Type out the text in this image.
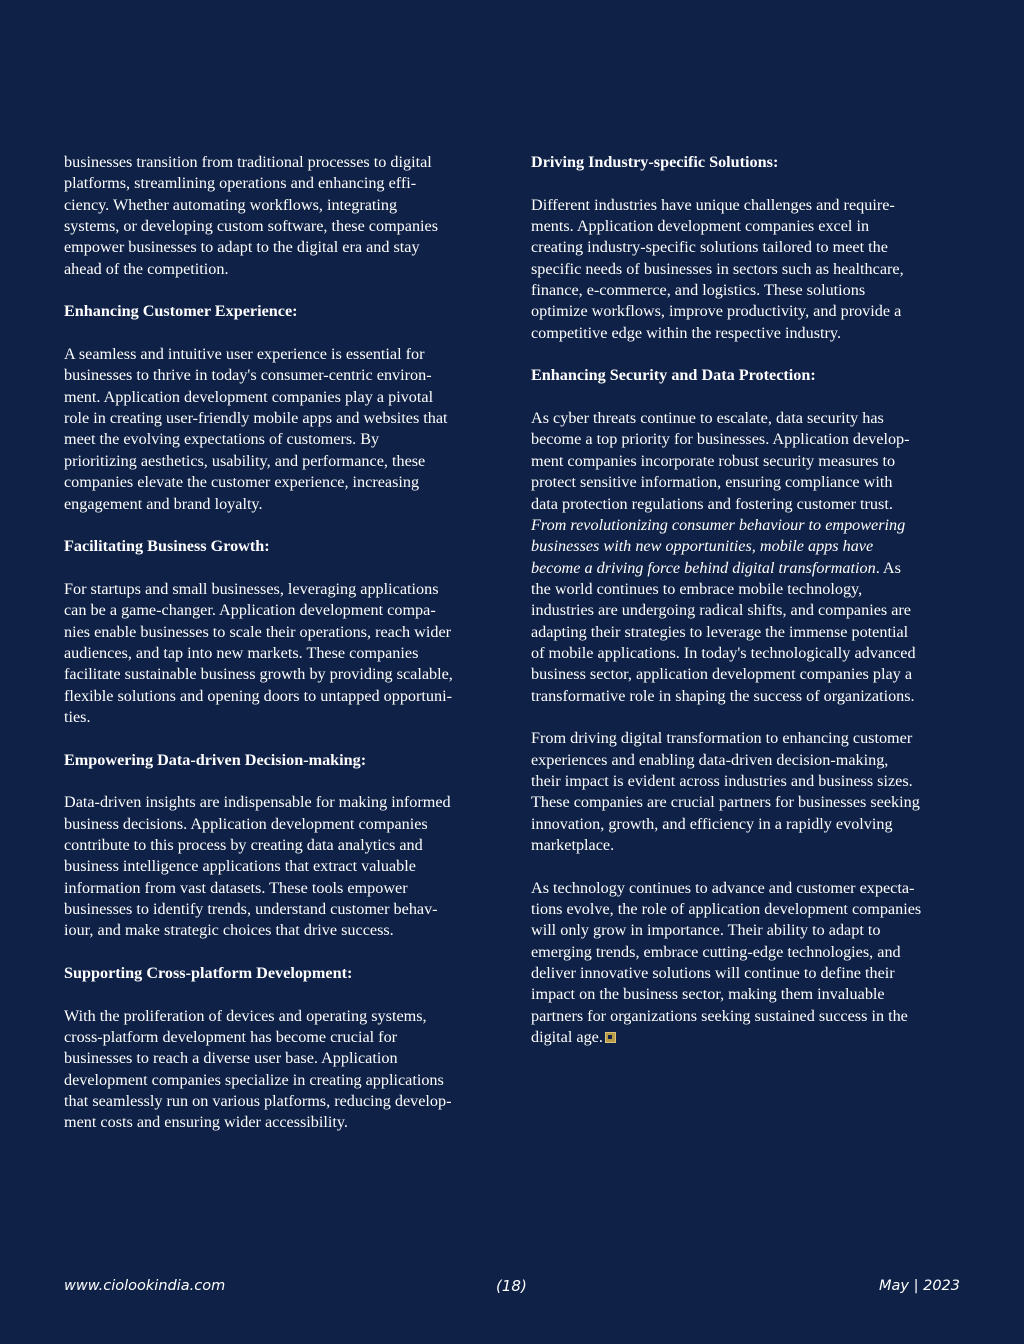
businesses transition from traditional processes to digital
platforms, streamlining operations and enhancing effi-
ciency. Whether automating workflows, integrating
systems, or developing custom software, these companies
empower businesses to adapt to the digital era and stay
ahead of the competition.

Enhancing Customer Experience:

A seamless and intuitive user experience is essential for
businesses to thrive in today's consumer-centric environ-
ment. Application development companies play a pivotal
role in creating user-friendly mobile apps and websites that
meet the evolving expectations of customers. By
prioritizing aesthetics, usability, and performance, these
companies elevate the customer experience, increasing
engagement and brand loyalty.

Facilitating Business Growth:

For startups and small businesses, leveraging applications
can be a game-changer. Application development compa-
nies enable businesses to scale their operations, reach wider
audiences, and tap into new markets. These companies
facilitate sustainable business growth by providing scalable,
flexible solutions and opening doors to untapped opportuni-
ties.

Empowering Data-driven Decision-making:

Data-driven insights are indispensable for making informed
business decisions. Application development companies
contribute to this process by creating data analytics and
business intelligence applications that extract valuable
information from vast datasets. These tools empower
businesses to identify trends, understand customer behav-
iour, and make strategic choices that drive success.

Supporting Cross-platform Development:

With the proliferation of devices and operating systems,
cross-platform development has become crucial for
businesses to reach a diverse user base. Application
development companies specialize in creating applications
that seamlessly run on various platforms, reducing develop-
ment costs and ensuring wider accessibility.

Driving Industry-specific Solutions:

Different industries have unique challenges and require-
ments. Application development companies excel in
creating industry-specific solutions tailored to meet the
specific needs of businesses in sectors such as healthcare,
finance, e-commerce, and logistics. These solutions
optimize workflows, improve productivity, and provide a
competitive edge within the respective industry.

Enhancing Security and Data Protection:

As cyber threats continue to escalate, data security has
become a top priority for businesses. Application develop-
ment companies incorporate robust security measures to
protect sensitive information, ensuring compliance with
data protection regulations and fostering customer trust.
From revolutionizing consumer behaviour to empowering
businesses with new opportunities, mobile apps have
become a driving force behind digital transformation. As
the world continues to embrace mobile technology,
industries are undergoing radical shifts, and companies are
adapting their strategies to leverage the immense potential
of mobile applications. In today's technologically advanced
business sector, application development companies play a
transformative role in shaping the success of organizations.

From driving digital transformation to enhancing customer
experiences and enabling data-driven decision-making,
their impact is evident across industries and business sizes.
These companies are crucial partners for businesses seeking
innovation, growth, and efficiency in a rapidly evolving
marketplace.

As technology continues to advance and customer expecta-
tions evolve, the role of application development companies
will only grow in importance. Their ability to adapt to
emerging trends, embrace cutting-edge technologies, and
deliver innovative solutions will continue to define their
impact on the business sector, making them invaluable
partners for organizations seeking sustained success in the
digital age.

www.ciolookindia.com	(18)	May | 2023
